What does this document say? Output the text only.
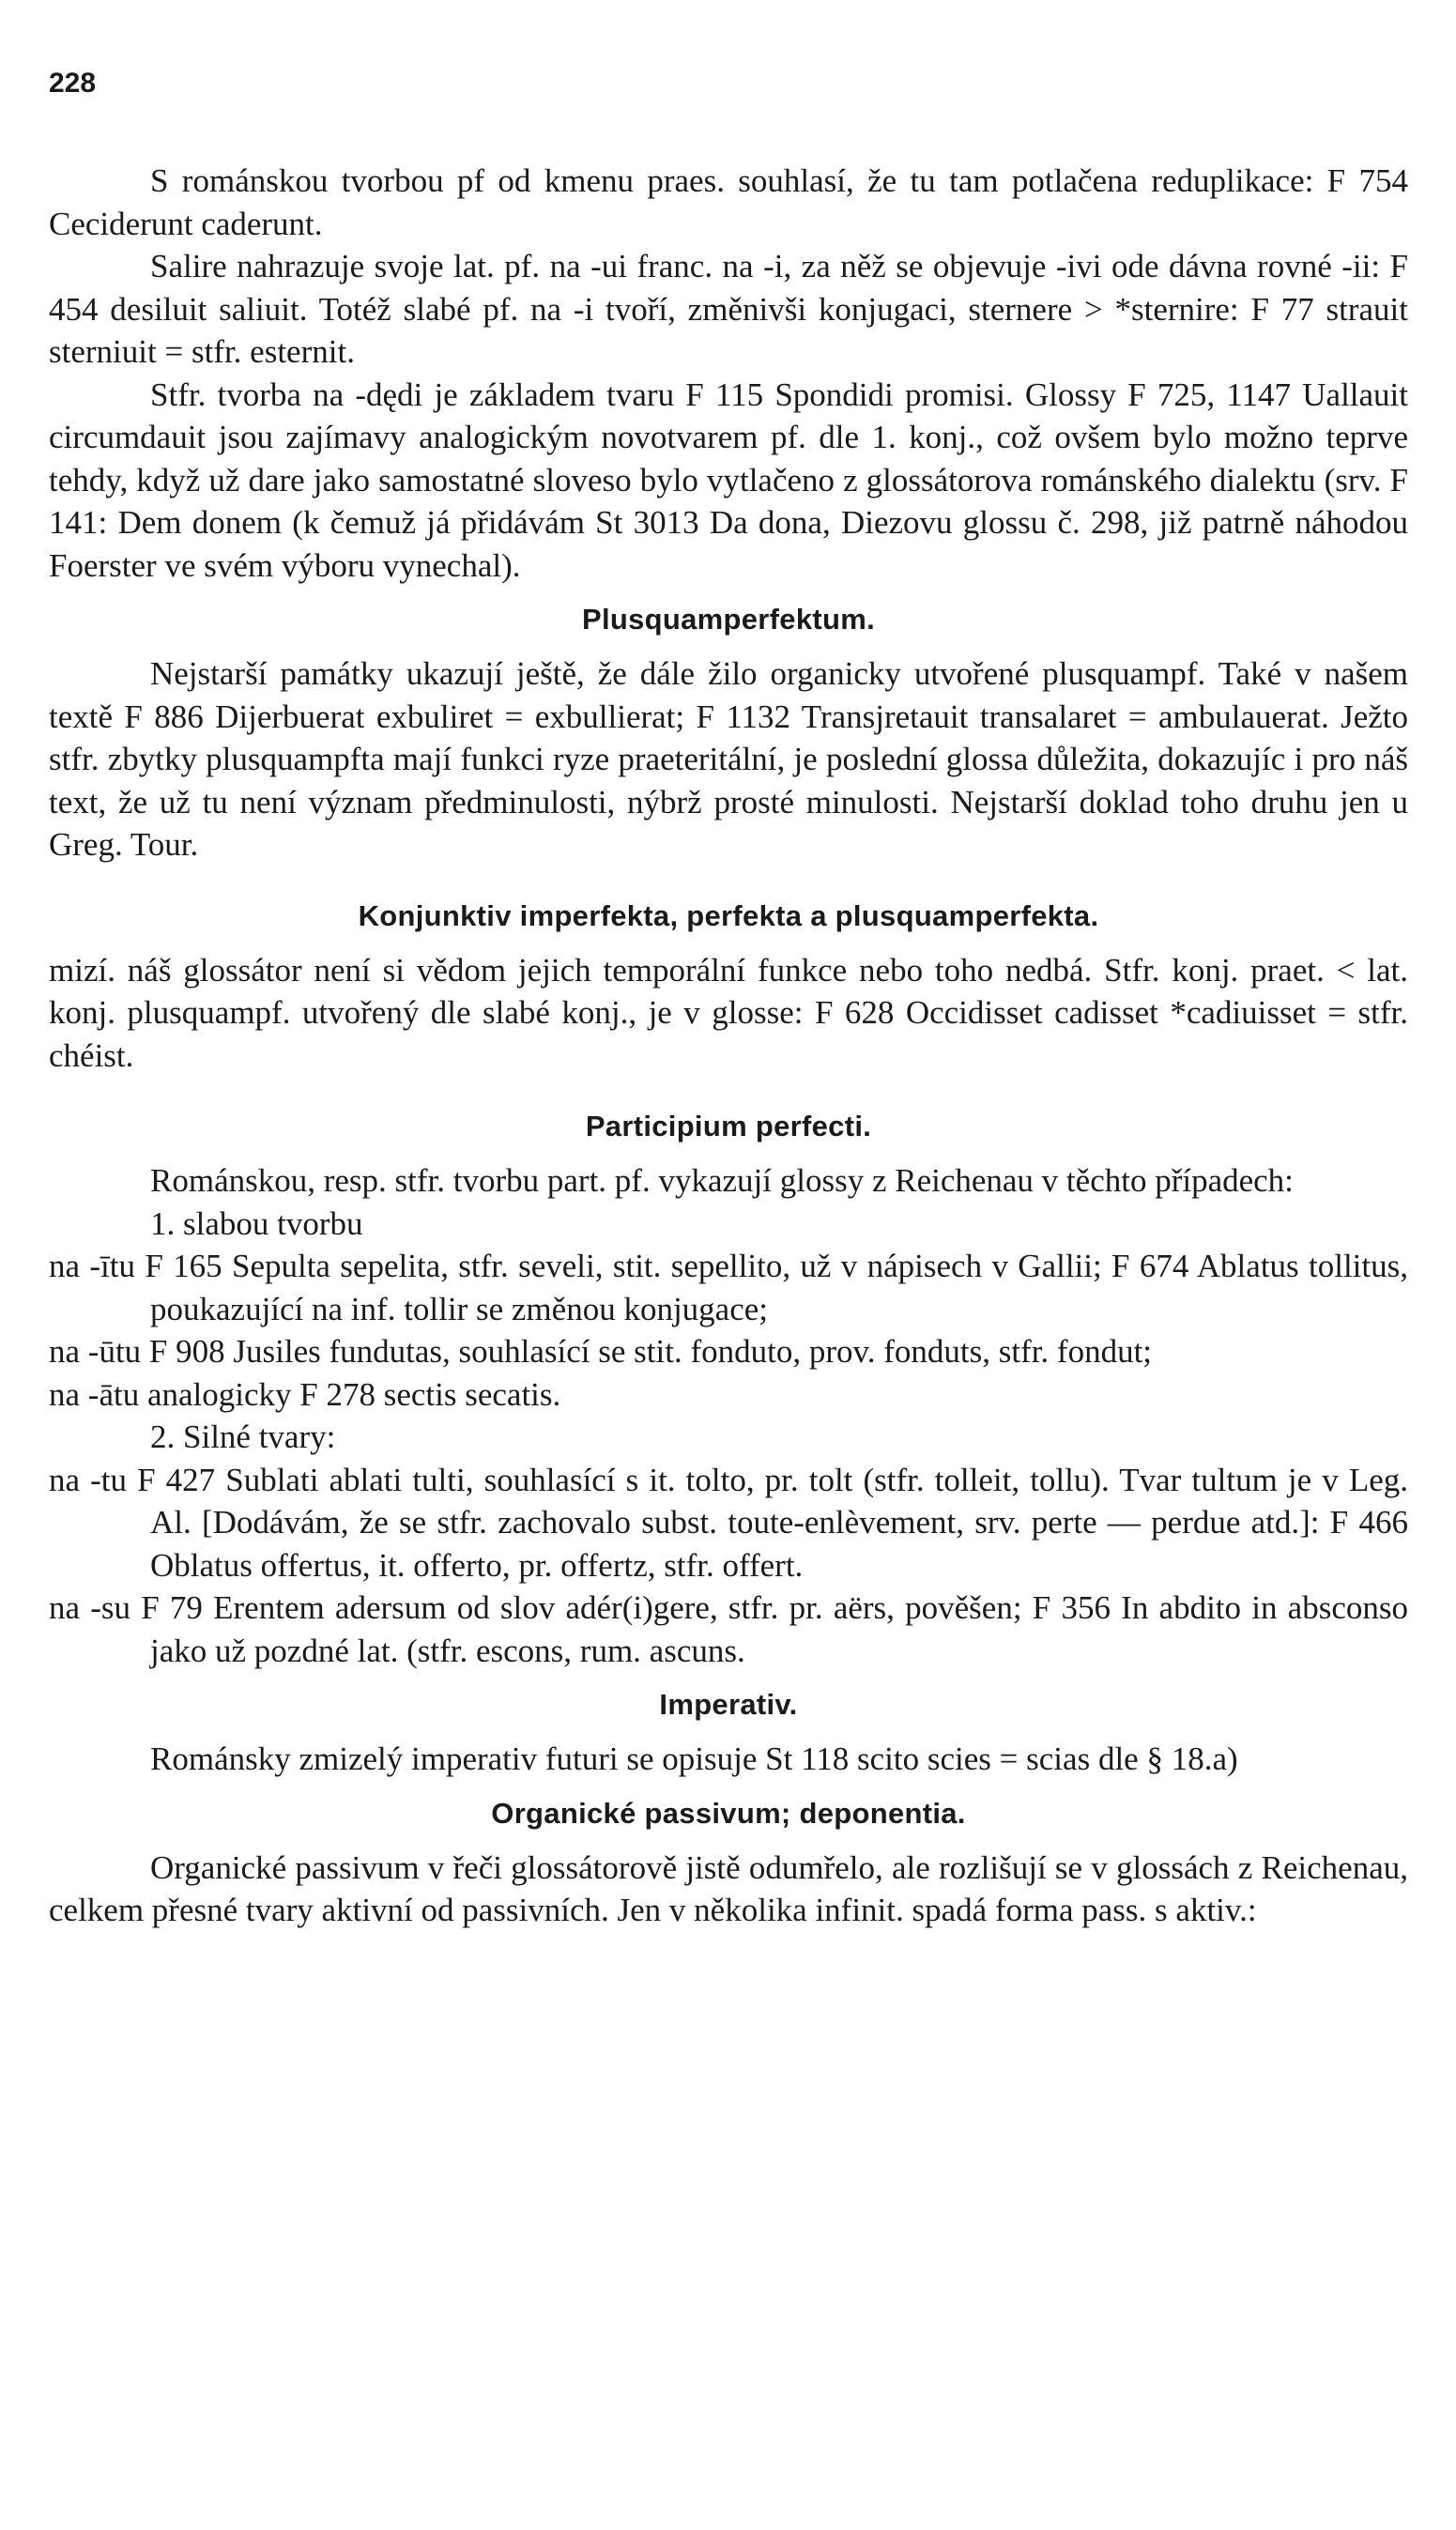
228

S románskou tvorbou pf od kmenu praes. souhlasí, že tu tam potlačena reduplikace: F 754 Ceciderunt caderunt.

Salire nahrazuje svoje lat. pf. na -ui franc. na -i, za něž se objevuje -ivi ode dávna rovné -ii: F 454 desiluit saliuit. Totéž slabé pf. na -i tvoří, změnivši konjugaci, sternere > *sternire: F 77 strauit sterniuit = stfr. esternit.

Stfr. tvorba na -dędi je základem tvaru F 115 Spondidi promisi. Glossy F 725, 1147 Uallauit circumdauit jsou zajímavy analogickým novotvarem pf. dle 1. konj., což ovšem bylo možno teprve tehdy, když už dare jako samostatné sloveso bylo vytlačeno z glossátorova románského dialektu (srv. F 141: Dem donem (k čemuž já přidávám St 3013 Da dona, Diezovu glossu č. 298, již patrně náhodou Foerster ve svém výboru vynechal).

Plusquamperfektum.

Nejstarší památky ukazují ještě, že dále žilo organicky utvořené plusquampf. Také v našem textě F 886 Dijerbuerat exbuliret = exbullierat; F 1132 Transjretauit transalaret = ambulauerat. Ježto stfr. zbytky plusquampfta mají funkci ryze praeteritální, je poslední glossa důležita, dokazujíc i pro náš text, že už tu není význam předminulosti, nýbrž prosté minulosti. Nejstarší doklad toho druhu jen u Greg. Tour.

Konjunktiv imperfekta, perfekta a plusquamperfekta.

mizí. náš glossátor není si vědom jejich temporální funkce nebo toho nedbá. Stfr. konj. praet. < lat. konj. plusquampf. utvořený dle slabé konj., je v glosse: F 628 Occidisset cadisset *cadiuisset = stfr. chéist.

Participium perfecti.

Románskou, resp. stfr. tvorbu part. pf. vykazují glossy z Reichenau v těchto případech:

1. slabou tvorbu

na -ītu F 165 Sepulta sepelita, stfr. seveli, stit. sepellito, už v nápisech v Gallii; F 674 Ablatus tollitus, poukazující na inf. tollir se změnou konjugace;

na -ūtu F 908 Jusiles fundutas, souhlasící se stit. fonduto, prov. fonduts, stfr. fondut;

na -ātu analogicky F 278 sectis secatis.

2. Silné tvary:

na -tu F 427 Sublati ablati tulti, souhlasící s it. tolto, pr. tolt (stfr. tolleit, tollu). Tvar tultum je v Leg. Al. [Dodávám, že se stfr. zachovalo subst. toute-enlèvement, srv. perte — perdue atd.]: F 466 Oblatus offertus, it. offerto, pr. offertz, stfr. offert.

na -su F 79 Erentem adersum od slov adér(i)gere, stfr. pr. aërs, pověšen; F 356 In abdito in absconso jako už pozdné lat. (stfr. escons, rum. ascuns.

Imperativ.

Románsky zmizelý imperativ futuri se opisuje St 118 scito scies = scias dle § 18.a)

Organické passivum; deponentia.

Organické passivum v řeči glossátorově jistě odumřelo, ale rozlišují se v glossách z Reichenau, celkem přesné tvary aktivní od passivních. Jen v několika infinit. spadá forma pass. s aktiv.:
